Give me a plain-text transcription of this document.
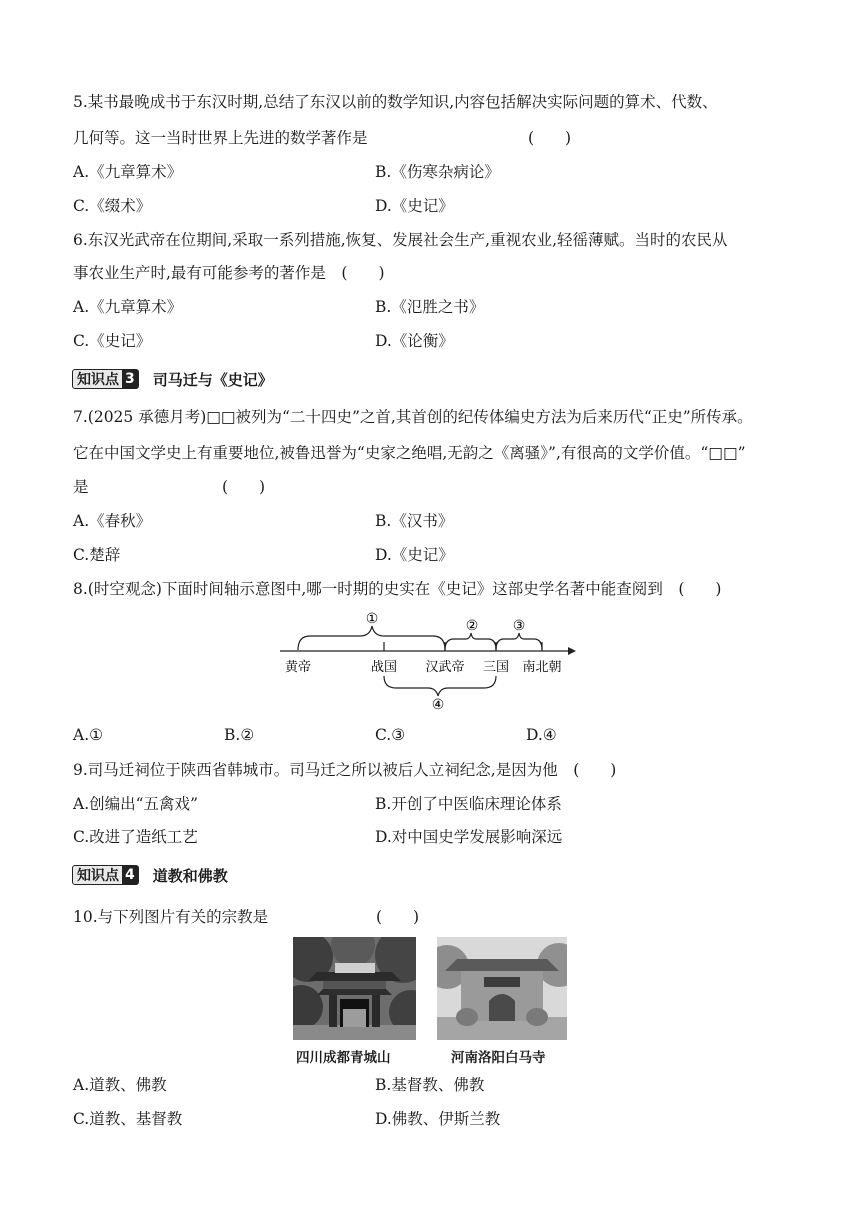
5.某书最晚成书于东汉时期,总结了东汉以前的数学知识,内容包括解决实际问题的算术、代数、
几何等。这一当时世界上先进的数学著作是	(　　)
A.《九章算术》	B.《伤寒杂病论》
C.《缀术》	D.《史记》
6.东汉光武帝在位期间,采取一系列措施,恢复、发展社会生产,重视农业,轻徭薄赋。当时的农民从
事农业生产时,最有可能参考的著作是　(　　)
A.《九章算术》	B.《氾胜之书》
C.《史记》	D.《论衡》
知识点 3 司马迁与《史记》
7.(2025 承德月考)□□被列为“二十四史”之首,其首创的纪传体编史方法为后来历代“正史”所传承。
它在中国文学史上有重要地位,被鲁迅誉为“史家之绝唱,无韵之《离骚》”,有很高的文学价值。“□□”
是	(　　)
A.《春秋》	B.《汉书》
C.楚辞	D.《史记》
8.(时空观念)下面时间轴示意图中,哪一时期的史实在《史记》这部史学名著中能查阅到　(　　)
①	② ③
④
黄帝	战国 汉武帝 三国 南北朝
A.①	B.②	C.③	D.④
9.司马迁祠位于陕西省韩城市。司马迁之所以被后人立祠纪念,是因为他　(　　)
A.创编出“五禽戏”	B.开创了中医临床理论体系
C.改进了造纸工艺	D.对中国史学发展影响深远
知识点 4 道教和佛教
10.与下列图片有关的宗教是	(　　)
四川成都青城山	河南洛阳白马寺
A.道教、佛教	B.基督教、佛教
C.道教、基督教	D.佛教、伊斯兰教
